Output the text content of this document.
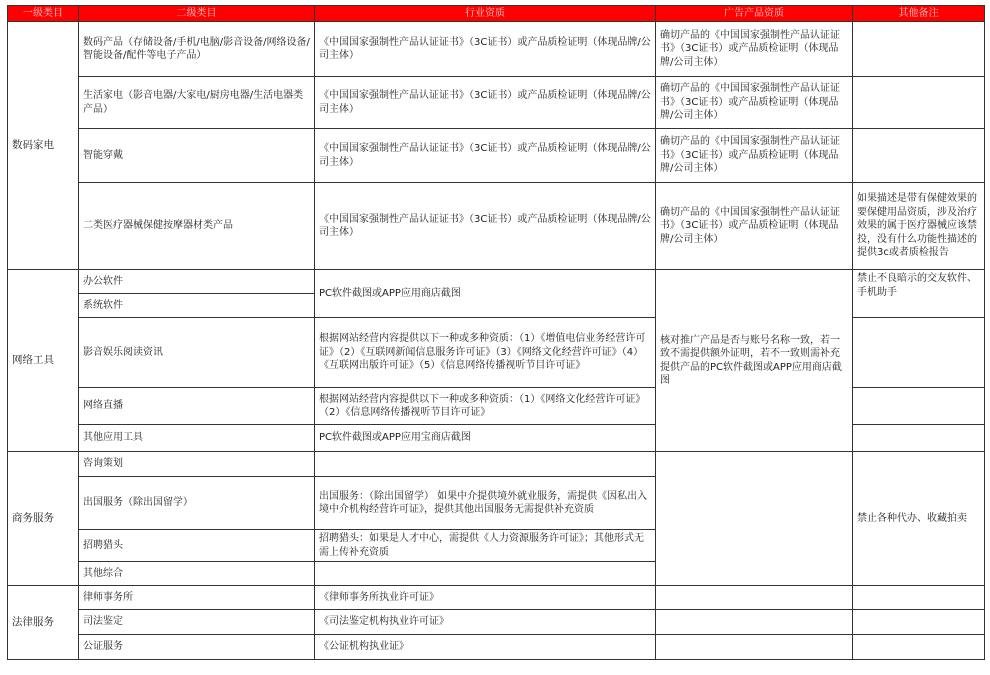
一级类目	二级类目	行业资质	广告产品资质	其他备注
数码家电	数码产品（存储设备/手机/电脑/影音设备/网络设备/智能设备/配件等电子产品）	《中国国家强制性产品认证证书》（3C证书）或产品质检证明（体现品牌/公司主体）	确切产品的《中国国家强制性产品认证证书》（3C证书）或产品质检证明（体现品牌/公司主体）	
	生活家电（影音电器/大家电/厨房电器/生活电器类产品）	《中国国家强制性产品认证证书》（3C证书）或产品质检证明（体现品牌/公司主体）	确切产品的《中国国家强制性产品认证证书》（3C证书）或产品质检证明（体现品牌/公司主体）	
	智能穿戴	《中国国家强制性产品认证证书》（3C证书）或产品质检证明（体现品牌/公司主体）	确切产品的《中国国家强制性产品认证证书》（3C证书）或产品质检证明（体现品牌/公司主体）	
	二类医疗器械保健按摩器材类产品	《中国国家强制性产品认证证书》（3C证书）或产品质检证明（体现品牌/公司主体）	确切产品的《中国国家强制性产品认证证书》（3C证书）或产品质检证明（体现品牌/公司主体）	如果描述是带有保健效果的要保健用品资质，涉及治疗效果的属于医疗器械应该禁投，没有什么功能性描述的提供3c或者质检报告
网络工具	办公软件	PC软件截图或APP应用商店截图	核对推广产品是否与账号名称一致，若一致不需提供额外证明，若不一致则需补充提供产品的PC软件截图或APP应用商店截图	禁止不良暗示的交友软件、手机助手
	系统软件			
	影音娱乐阅读资讯	根据网站经营内容提供以下一种或多种资质：（1）《增值电信业务经营许可证》（2）《互联网新闻信息服务许可证》（3）《网络文化经营许可证》（4）《互联网出版许可证》（5）《信息网络传播视听节目许可证》		
	网络直播	根据网站经营内容提供以下一种或多种资质：（1）《网络文化经营许可证》（2）《信息网络传播视听节目许可证》		
	其他应用工具	PC软件截图或APP应用宝商店截图		
商务服务	咨询策划			禁止各种代办、收藏拍卖
	出国服务（除出国留学）	出国服务：（除出国留学） 如果中介提供境外就业服务，需提供《因私出入境中介机构经营许可证》，提供其他出国服务无需提供补充资质		
	招聘猎头	招聘猎头：如果是人才中心，需提供《人力资源服务许可证》；其他形式无需上传补充资质		
	其他综合			
法律服务	律师事务所	《律师事务所执业许可证》		
	司法鉴定	《司法鉴定机构执业许可证》		
	公证服务	《公证机构执业证》		
